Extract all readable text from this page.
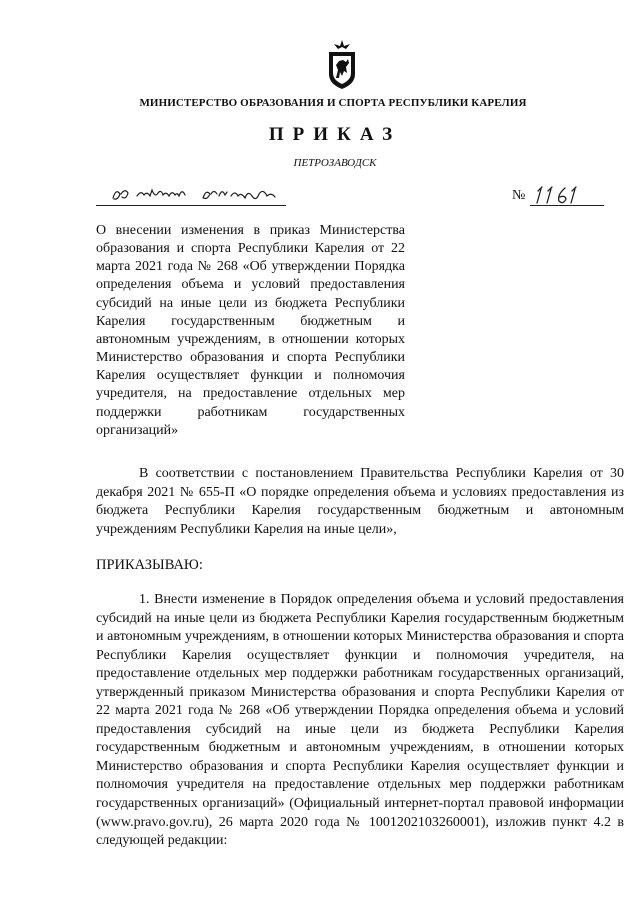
МИНИСТЕРСТВО ОБРАЗОВАНИЯ И СПОРТА РЕСПУБЛИКИ КАРЕЛИЯ
ПРИКАЗ
ПЕТРОЗАВОДСК
№
О внесении изменения в приказ Министерства образования и спорта Республики Карелия от 22 марта 2021 года № 268 «Об утверждении Порядка определения объема и условий предоставления субсидий на иные цели из бюджета Республики Карелия государственным бюджетным и автономным учреждениям, в отношении которых Министерство образования и спорта Республики Карелия осуществляет функции и полномочия учредителя, на предоставление отдельных мер поддержки работникам государственных организаций»
В соответствии с постановлением Правительства Республики Карелия от 30 декабря 2021 № 655-П «О порядке определения объема и условиях предоставления из бюджета Республики Карелия государственным бюджетным и автономным учреждениям Республики Карелия на иные цели»,
ПРИКАЗЫВАЮ:
1. Внести изменение в Порядок определения объема и условий предоставления субсидий на иные цели из бюджета Республики Карелия государственным бюджетным и автономным учреждениям, в отношении которых Министерства образования и спорта Республики Карелия осуществляет функции и полномочия учредителя, на предоставление отдельных мер поддержки работникам государственных организаций, утвержденный приказом Министерства образования и спорта Республики Карелия от 22 марта 2021 года № 268 «Об утверждении Порядка определения объема и условий предоставления субсидий на иные цели из бюджета Республики Карелия государственным бюджетным и автономным учреждениям, в отношении которых Министерство образования и спорта Республики Карелия осуществляет функции и полномочия учредителя на предоставление отдельных мер поддержки работникам государственных организаций» (Официальный интернет-портал правовой информации (www.pravo.gov.ru), 26 марта 2020 года № 1001202103260001), изложив пункт 4.2 в следующей редакции:
